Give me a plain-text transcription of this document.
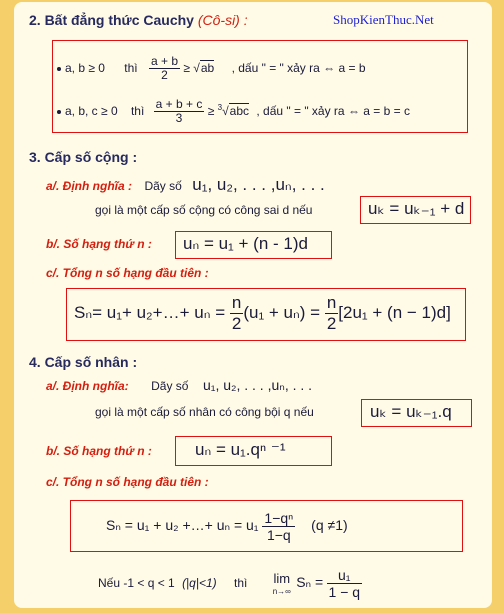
2. Bất đẳng thức Cauchy (Cô-si) :	ShopKienThuc.Net
a, b ≥ 0 thì $\frac{a + b}{2} \ge √ab$ , dấu " = " xảy ra ⇔ a = b
a, b, c ≥ 0 thì $\frac{a + b + c}{3} \ge ^3√abc$ , dấu " = " xảy ra ⇔ a = b = c
3. Cấp số cộng :
a/. Định nghĩa : Dãy số u₁, u₂, . . . ,uₙ, . . .
gọi là một cấp số cộng có công sai d nếu	uₖ = uₖ₋₁ + d
b/. Số hạng thứ n : uₙ = u₁ + (n - 1)d
c/. Tổng n số hạng đầu tiên :
Sₙ= u₁+ u₂+…+ $u_n = \frac{n}{2} (u_1 + u_n) = \frac{n}{2} [2u_1 + (n - 1)d]$
4. Cấp số nhân :
a/. Định nghĩa: Dãy số u₁, u₂, . . . ,uₙ, . . .
gọi là một cấp số nhân có công bội q nếu	uₖ = uₖ₋₁.q
b/. Số hạng thứ n :	uₙ = u₁.qⁿ ⁻¹
c/. Tổng n số hạng đầu tiên :
Sₙ = u₁ + u₂ +…+ $u_n = u_1 \frac{\text{1−qⁿ}}{1-q} (q \ne 1)$
Nếu -1 < q < 1 (|q|<1) thì lim
n→∞
$S_n = \frac{\text{u₁}}{1 - q}$
